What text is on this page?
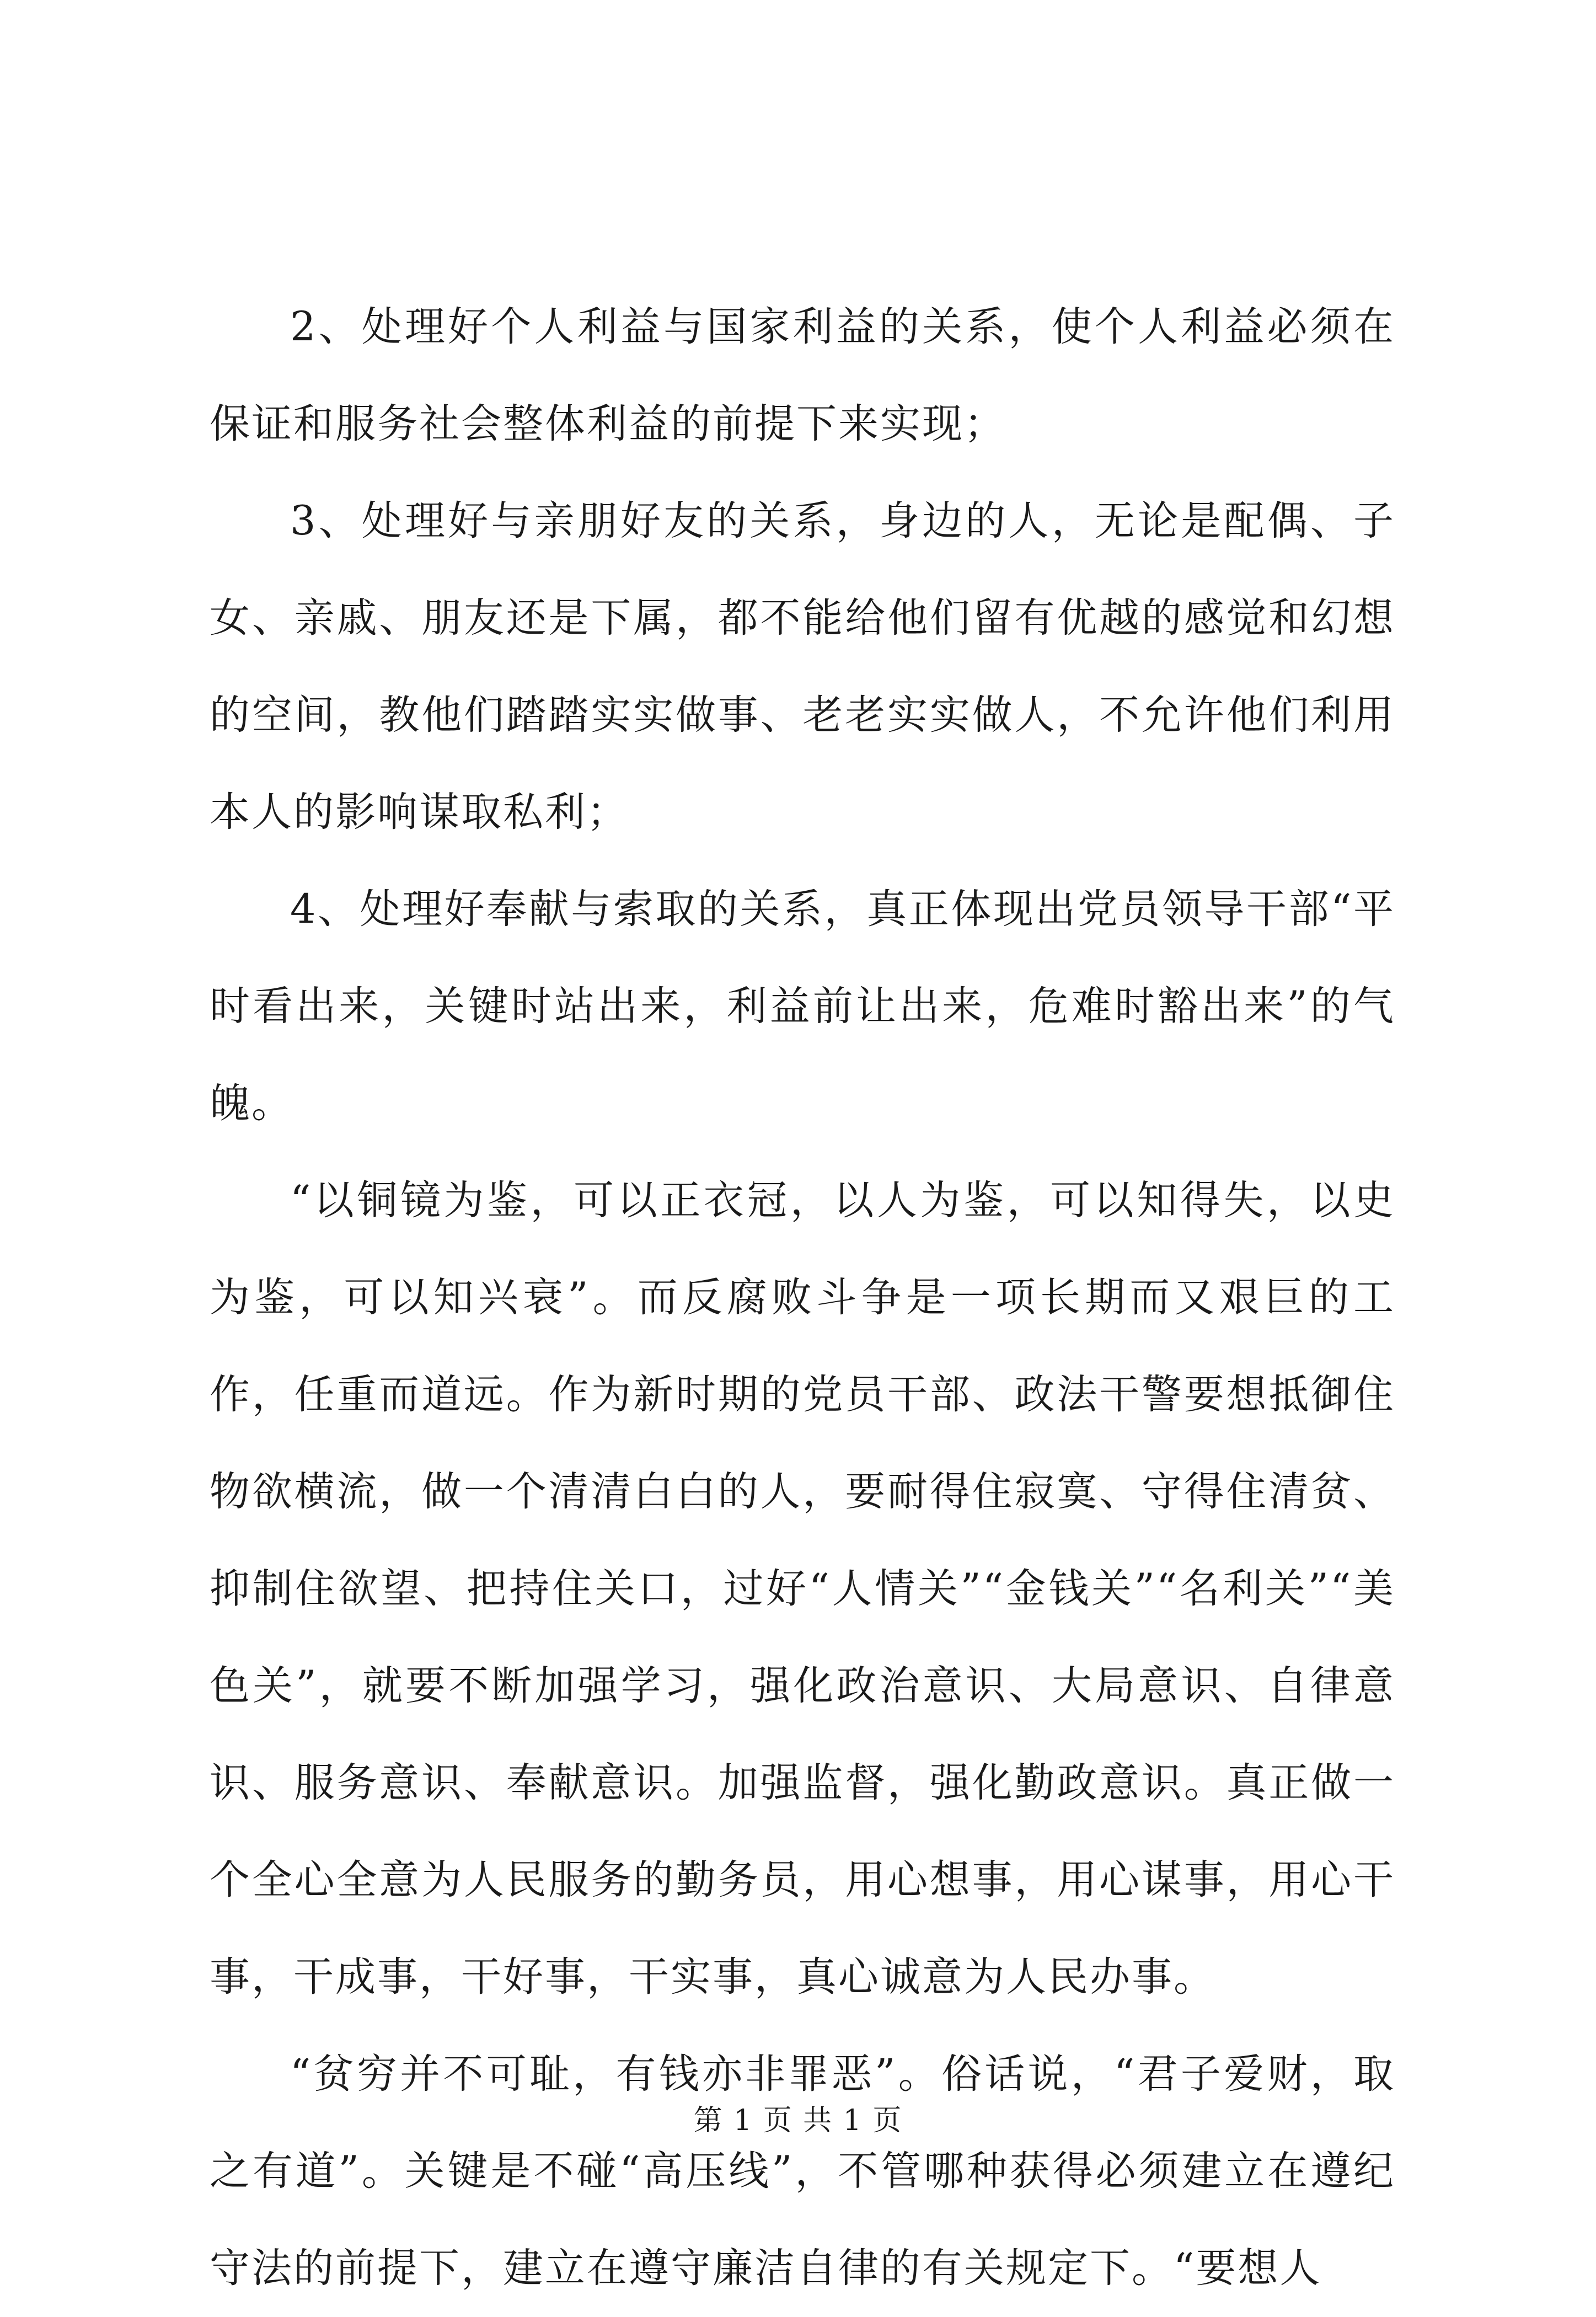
2、处理好个人利益与国家利益的关系，使个人利益必须在保证和服务社会整体利益的前提下来实现；

3、处理好与亲朋好友的关系，身边的人，无论是配偶、子女、亲戚、朋友还是下属，都不能给他们留有优越的感觉和幻想的空间，教他们踏踏实实做事、老老实实做人，不允许他们利用本人的影响谋取私利；

4、处理好奉献与索取的关系，真正体现出党员领导干部“平时看出来，关键时站出来，利益前让出来，危难时豁出来”的气魄。

“以铜镜为鉴，可以正衣冠，以人为鉴，可以知得失，以史为鉴，可以知兴衰”。而反腐败斗争是一项长期而又艰巨的工作，任重而道远。作为新时期的党员干部、政法干警要想抵御住物欲横流，做一个清清白白的人，要耐得住寂寞、守得住清贫、抑制住欲望、把持住关口，过好“人情关”“金钱关”“名利关”“美色关”，就要不断加强学习，强化政治意识、大局意识、自律意识、服务意识、奉献意识。加强监督，强化勤政意识。真正做一个全心全意为人民服务的勤务员，用心想事，用心谋事，用心干事，干成事，干好事，干实事，真心诚意为人民办事。

“贫穷并不可耻，有钱亦非罪恶”。俗话说，“君子爱财，取之有道”。关键是不碰“高压线”，不管哪种获得必须建立在遵纪守法的前提下，建立在遵守廉洁自律的有关规定下。“要想人

第 1 页 共 1 页
